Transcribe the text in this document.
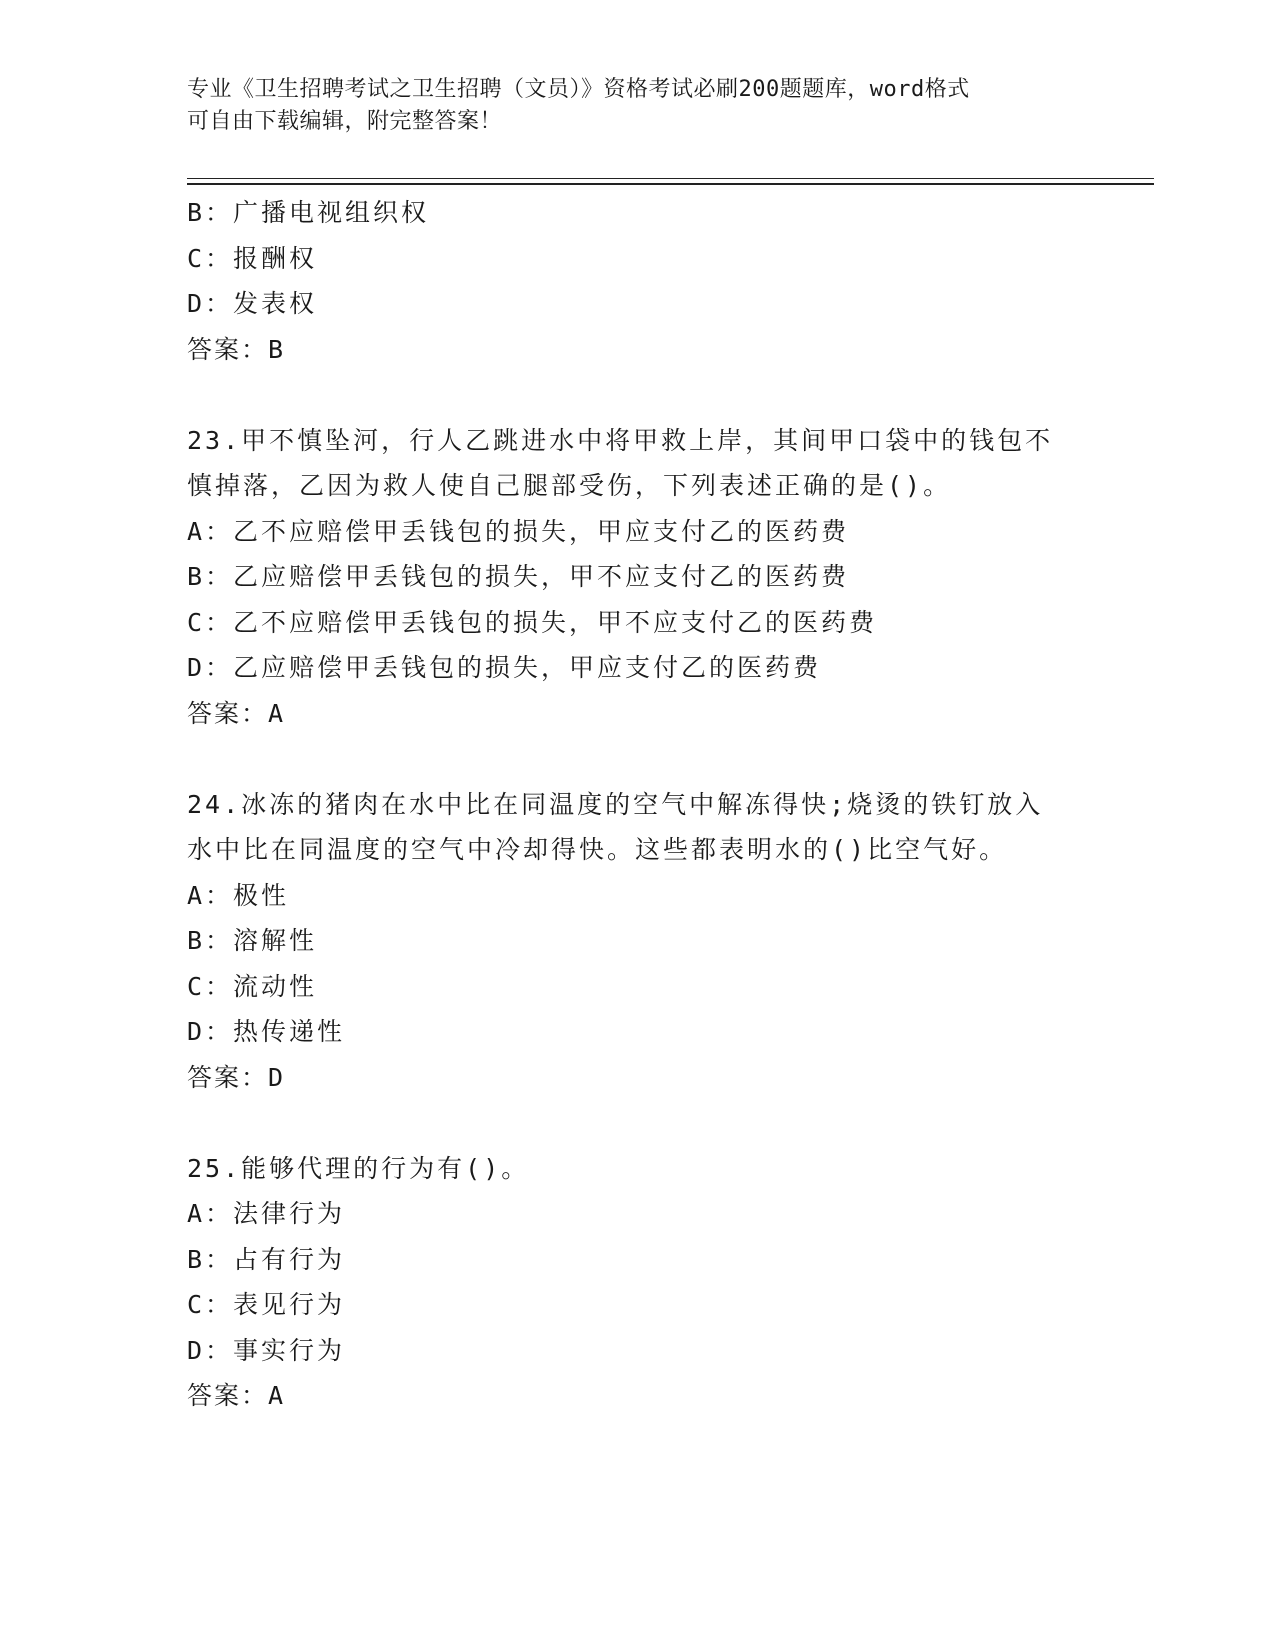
专业《卫生招聘考试之卫生招聘（文员）》资格考试必刷200题题库，word格式
可自由下载编辑，附完整答案！
B：广播电视组织权
C：报酬权
D：发表权
答案：B
23.甲不慎坠河，行人乙跳进水中将甲救上岸，其间甲口袋中的钱包不
慎掉落，乙因为救人使自己腿部受伤，下列表述正确的是()。
A：乙不应赔偿甲丢钱包的损失，甲应支付乙的医药费
B：乙应赔偿甲丢钱包的损失，甲不应支付乙的医药费
C：乙不应赔偿甲丢钱包的损失，甲不应支付乙的医药费
D：乙应赔偿甲丢钱包的损失，甲应支付乙的医药费
答案：A
24.冰冻的猪肉在水中比在同温度的空气中解冻得快;烧烫的铁钉放入
水中比在同温度的空气中冷却得快。这些都表明水的()比空气好。
A：极性
B：溶解性
C：流动性
D：热传递性
答案：D
25.能够代理的行为有()。
A：法律行为
B：占有行为
C：表见行为
D：事实行为
答案：A
